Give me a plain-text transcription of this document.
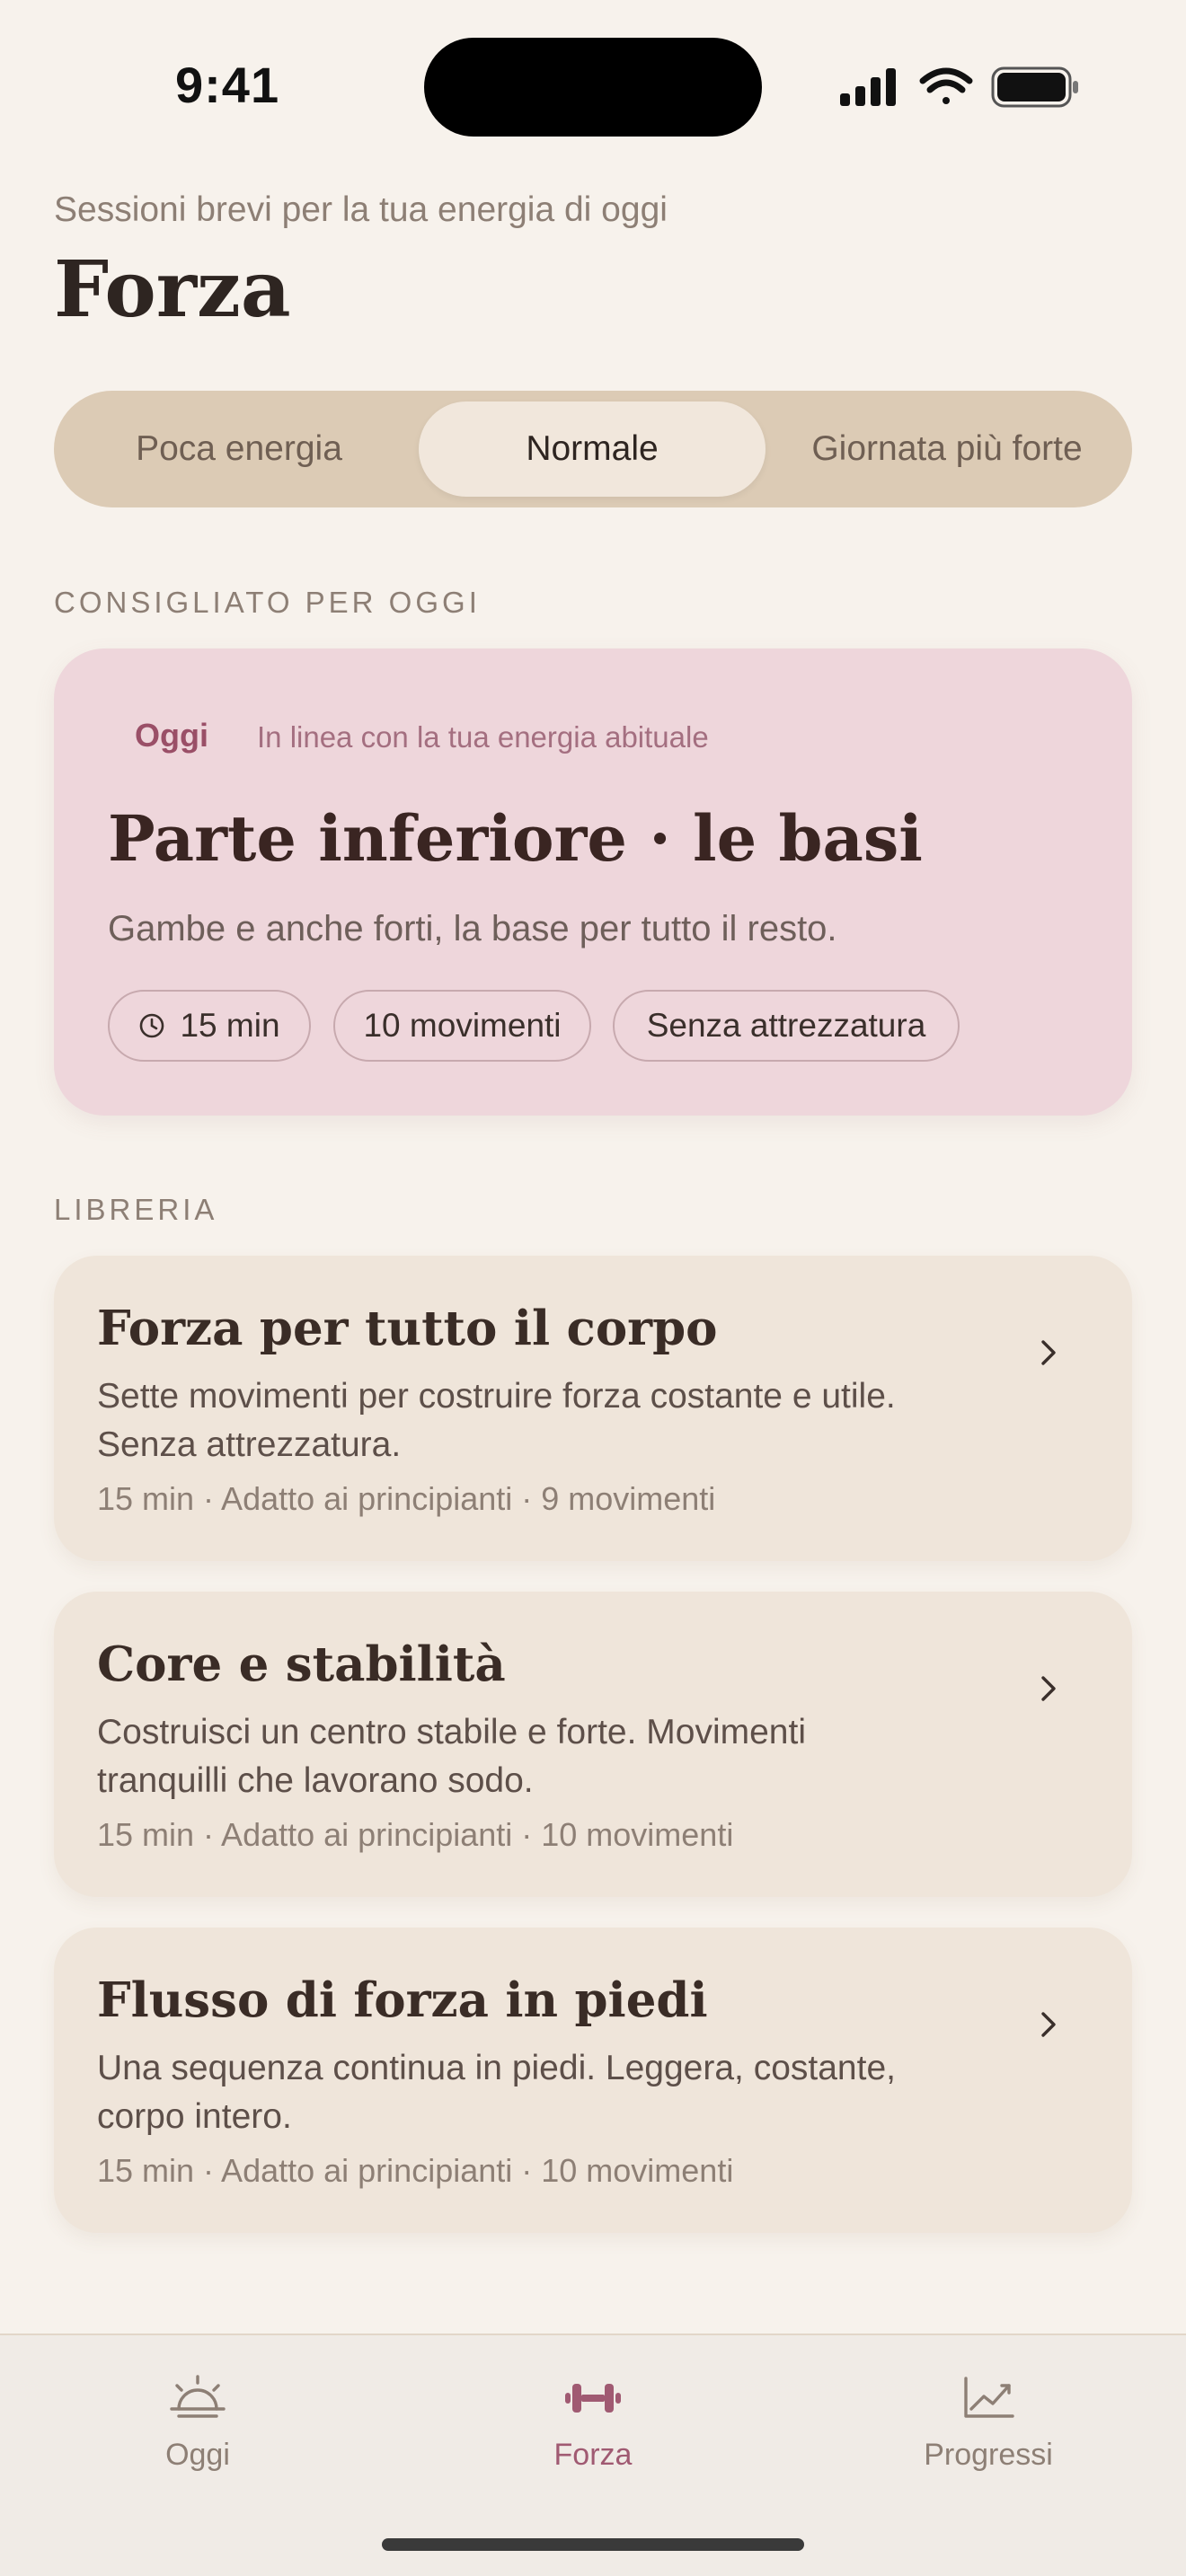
9:41
Sessioni brevi per la tua energia di oggi
Forza
Poca energia	Normale	Giornata più forte
CONSIGLIATO PER OGGI
Oggi In linea con la tua energia abituale
Parte inferiore · le basi
Gambe e anche forti, la base per tutto il resto.
15 min	10 movimenti	Senza attrezzatura
LIBRERIA
Forza per tutto il corpo
Sette movimenti per costruire forza costante e utile. Senza attrezzatura.
15 min · Adatto ai principianti · 9 movimenti
Core e stabilità
Costruisci un centro stabile e forte. Movimenti tranquilli che lavorano sodo.
15 min · Adatto ai principianti · 10 movimenti
Flusso di forza in piedi
Una sequenza continua in piedi. Leggera, costante, corpo intero.
15 min · Adatto ai principianti · 10 movimenti
Oggi	Forza	Progressi
